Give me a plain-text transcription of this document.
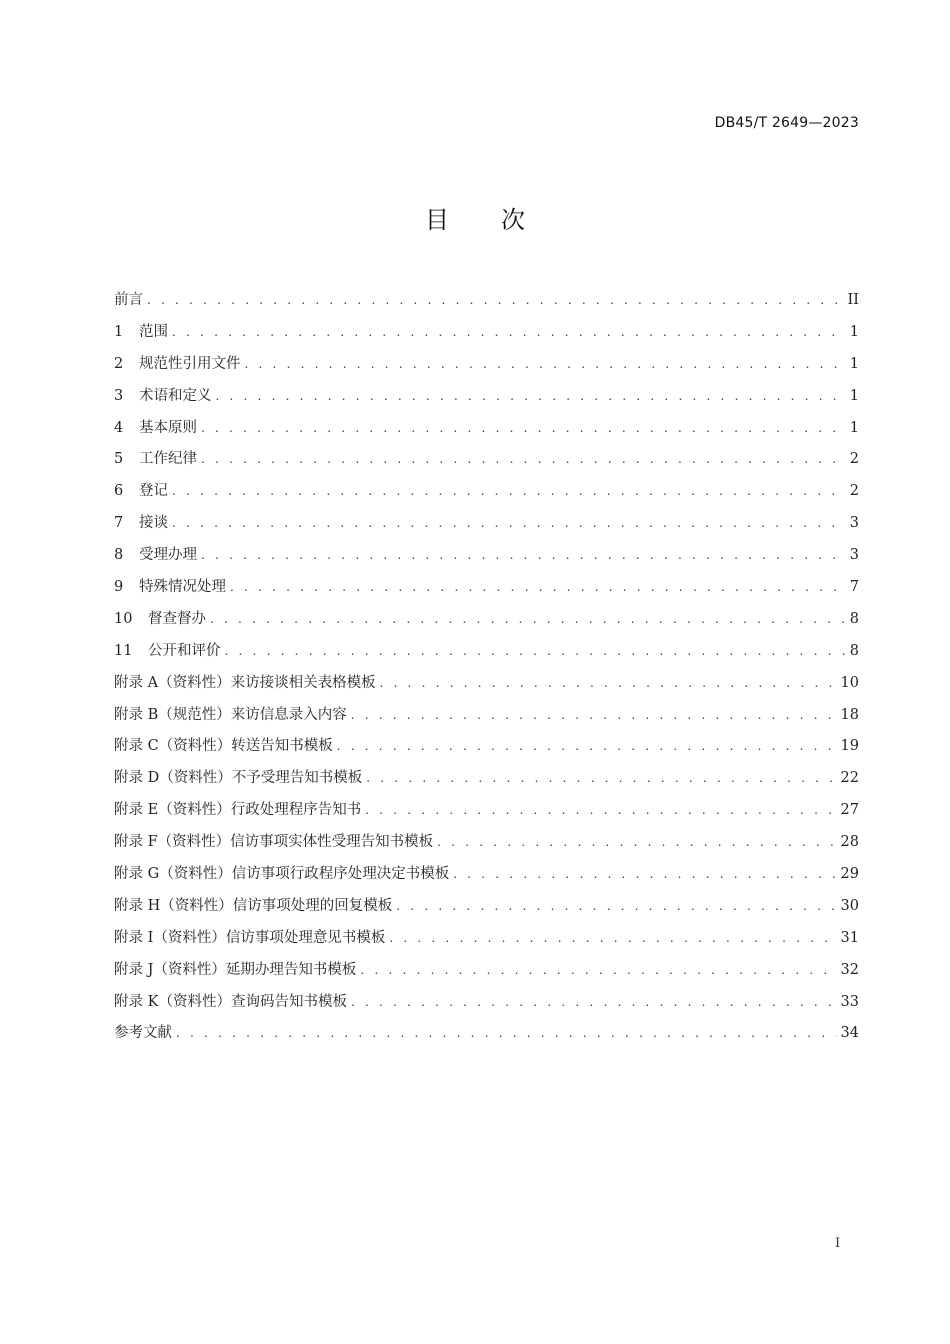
DB45/T 2649—2023
目 次
前言 . . .	II
1	范围 . . .	1
2	规范性引用文件 . . .	1
3	术语和定义 . . .	1
4	基本原则 . . .	1
5	工作纪律 . . .	2
6	登记 . . .	2
7	接谈 . . .	3
8	受理办理 . . .	3
9	特殊情况处理 . . .	7
10	督查督办 . . .	8
11	公开和评价 . . .	8
附录 A（资料性） 来访接谈相关表格模板 . . .	10
附录 B（规范性） 来访信息录入内容 . . .	18
附录 C（资料性） 转送告知书模板 . . .	19
附录 D（资料性） 不予受理告知书模板 . . .	22
附录 E（资料性） 行政处理程序告知书 . . .	27
附录 F（资料性） 信访事项实体性受理告知书模板 . . .	28
附录 G（资料性） 信访事项行政程序处理决定书模板 . . .	29
附录 H（资料性） 信访事项处理的回复模板 . . .	30
附录 I（资料性） 信访事项处理意见书模板 . . .	31
附录 J（资料性） 延期办理告知书模板 . . .	32
附录 K（资料性） 查询码告知书模板 . . .	33
参考文献 . . .	34
I
